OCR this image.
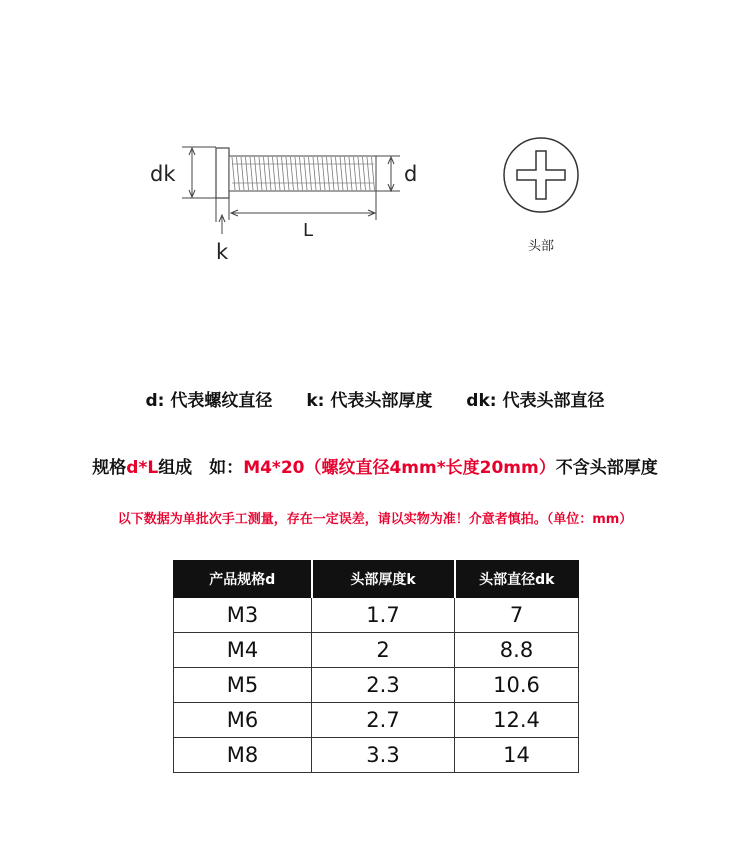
dk	d
L
k	头部
d: 代表螺纹直径 k: 代表头部厚度 dk: 代表头部直径
规格d*L组成　如：M4*20（螺纹直径4mm*长度20mm）不含头部厚度
以下数据为单批次手工测量，存在一定误差，请以实物为准！介意者慎拍。（单位：mm）
产品规格d	头部厚度k	头部直径dk
M3	1.7	7
M4	2	8.8
M5	2.3	10.6
M6	2.7	12.4
M8	3.3	14
